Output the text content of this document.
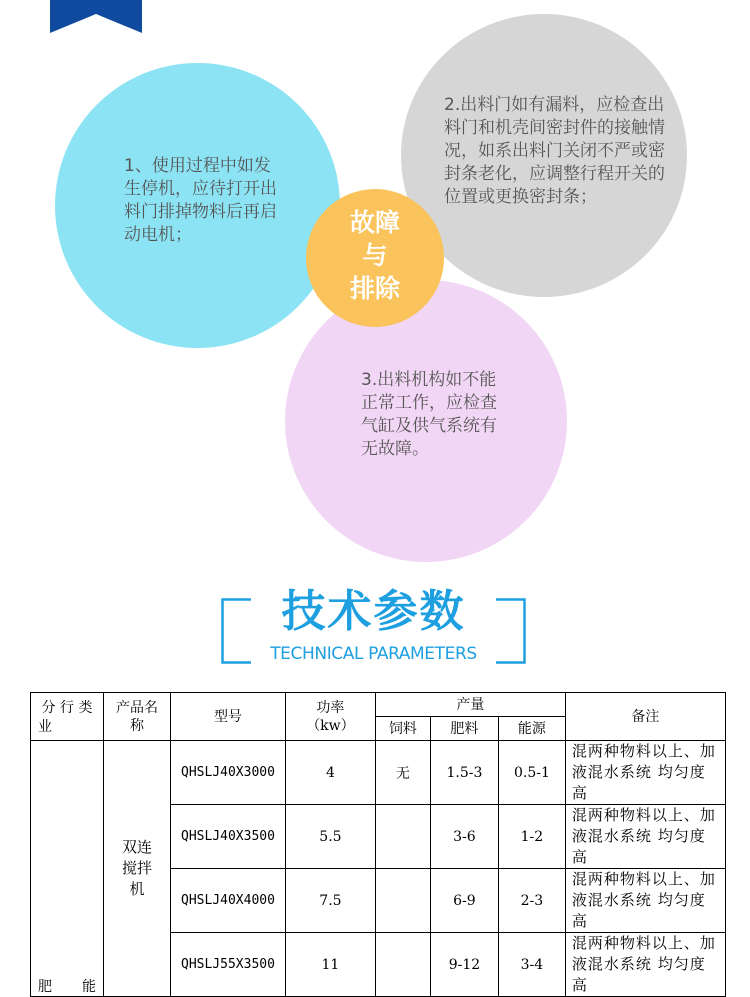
1、使用过程中如发生停机，应待打开出料门排掉物料后再启动电机；

2.出料门如有漏料，应检查出料门和机壳间密封件的接触情况，如系出料门关闭不严或密封条老化，应调整行程开关的位置或更换密封条；

3.出料机构如不能正常工作，应检查气缸及供气系统有无故障。

故障
与
排除
技术参数
TECHNICAL PARAMETERS
分 行 类 业	产品名称	型号	功率（kw）	产量			备注
				饲料	肥料	能源	
肥 能	双连搅拌机	QHSLJ40X3000	4	无	1.5-3	0.5-1	混两种物料以上、加液混水系统 均匀度高
		QHSLJ40X3500	5.5		3-6	1-2	混两种物料以上、加液混水系统 均匀度高
		QHSLJ40X4000	7.5		6-9	2-3	混两种物料以上、加液混水系统 均匀度高
		QHSLJ55X3500	11		9-12	3-4	混两种物料以上、加液混水系统 均匀度高
